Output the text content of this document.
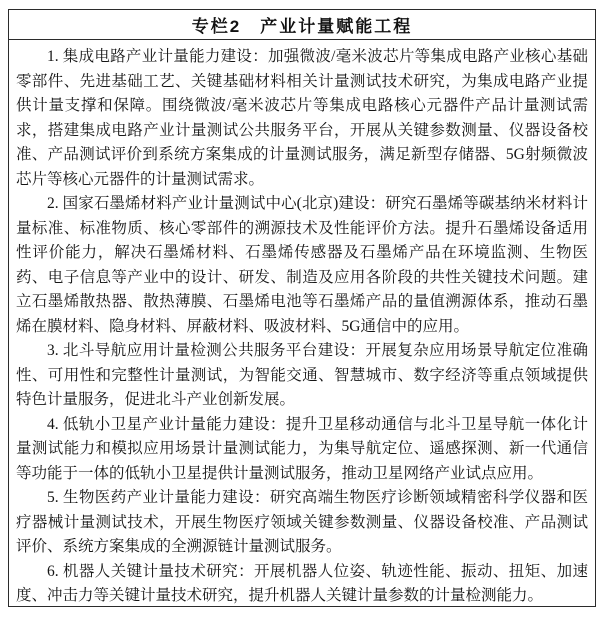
专栏2　产业计量赋能工程

1. 集成电路产业计量能力建设：加强微波/毫米波芯片等集成电路产业核心基础零部件、先进基础工艺、关键基础材料相关计量测试技术研究，为集成电路产业提供计量支撑和保障。围绕微波/毫米波芯片等集成电路核心元器件产品计量测试需求，搭建集成电路产业计量测试公共服务平台，开展从关键参数测量、仪器设备校准、产品测试评价到系统方案集成的计量测试服务，满足新型存储器、5G射频微波芯片等核心元器件的计量测试需求。

2. 国家石墨烯材料产业计量测试中心(北京)建设：研究石墨烯等碳基纳米材料计量标准、标准物质、核心零部件的溯源技术及性能评价方法。提升石墨烯设备适用性评价能力，解决石墨烯材料、石墨烯传感器及石墨烯产品在环境监测、生物医药、电子信息等产业中的设计、研发、制造及应用各阶段的共性关键技术问题。建立石墨烯散热器、散热薄膜、石墨烯电池等石墨烯产品的量值溯源体系，推动石墨烯在膜材料、隐身材料、屏蔽材料、吸波材料、5G通信中的应用。

3. 北斗导航应用计量检测公共服务平台建设：开展复杂应用场景导航定位准确性、可用性和完整性计量测试，为智能交通、智慧城市、数字经济等重点领域提供特色计量服务，促进北斗产业创新发展。

4. 低轨小卫星产业计量能力建设：提升卫星移动通信与北斗卫星导航一体化计量测试能力和模拟应用场景计量测试能力，为集导航定位、遥感探测、新一代通信等功能于一体的低轨小卫星提供计量测试服务，推动卫星网络产业试点应用。

5. 生物医药产业计量能力建设：研究高端生物医疗诊断领域精密科学仪器和医疗器械计量测试技术，开展生物医疗领域关键参数测量、仪器设备校准、产品测试评价、系统方案集成的全溯源链计量测试服务。

6. 机器人关键计量技术研究：开展机器人位姿、轨迹性能、振动、扭矩、加速度、冲击力等关键计量技术研究，提升机器人关键计量参数的计量检测能力。
